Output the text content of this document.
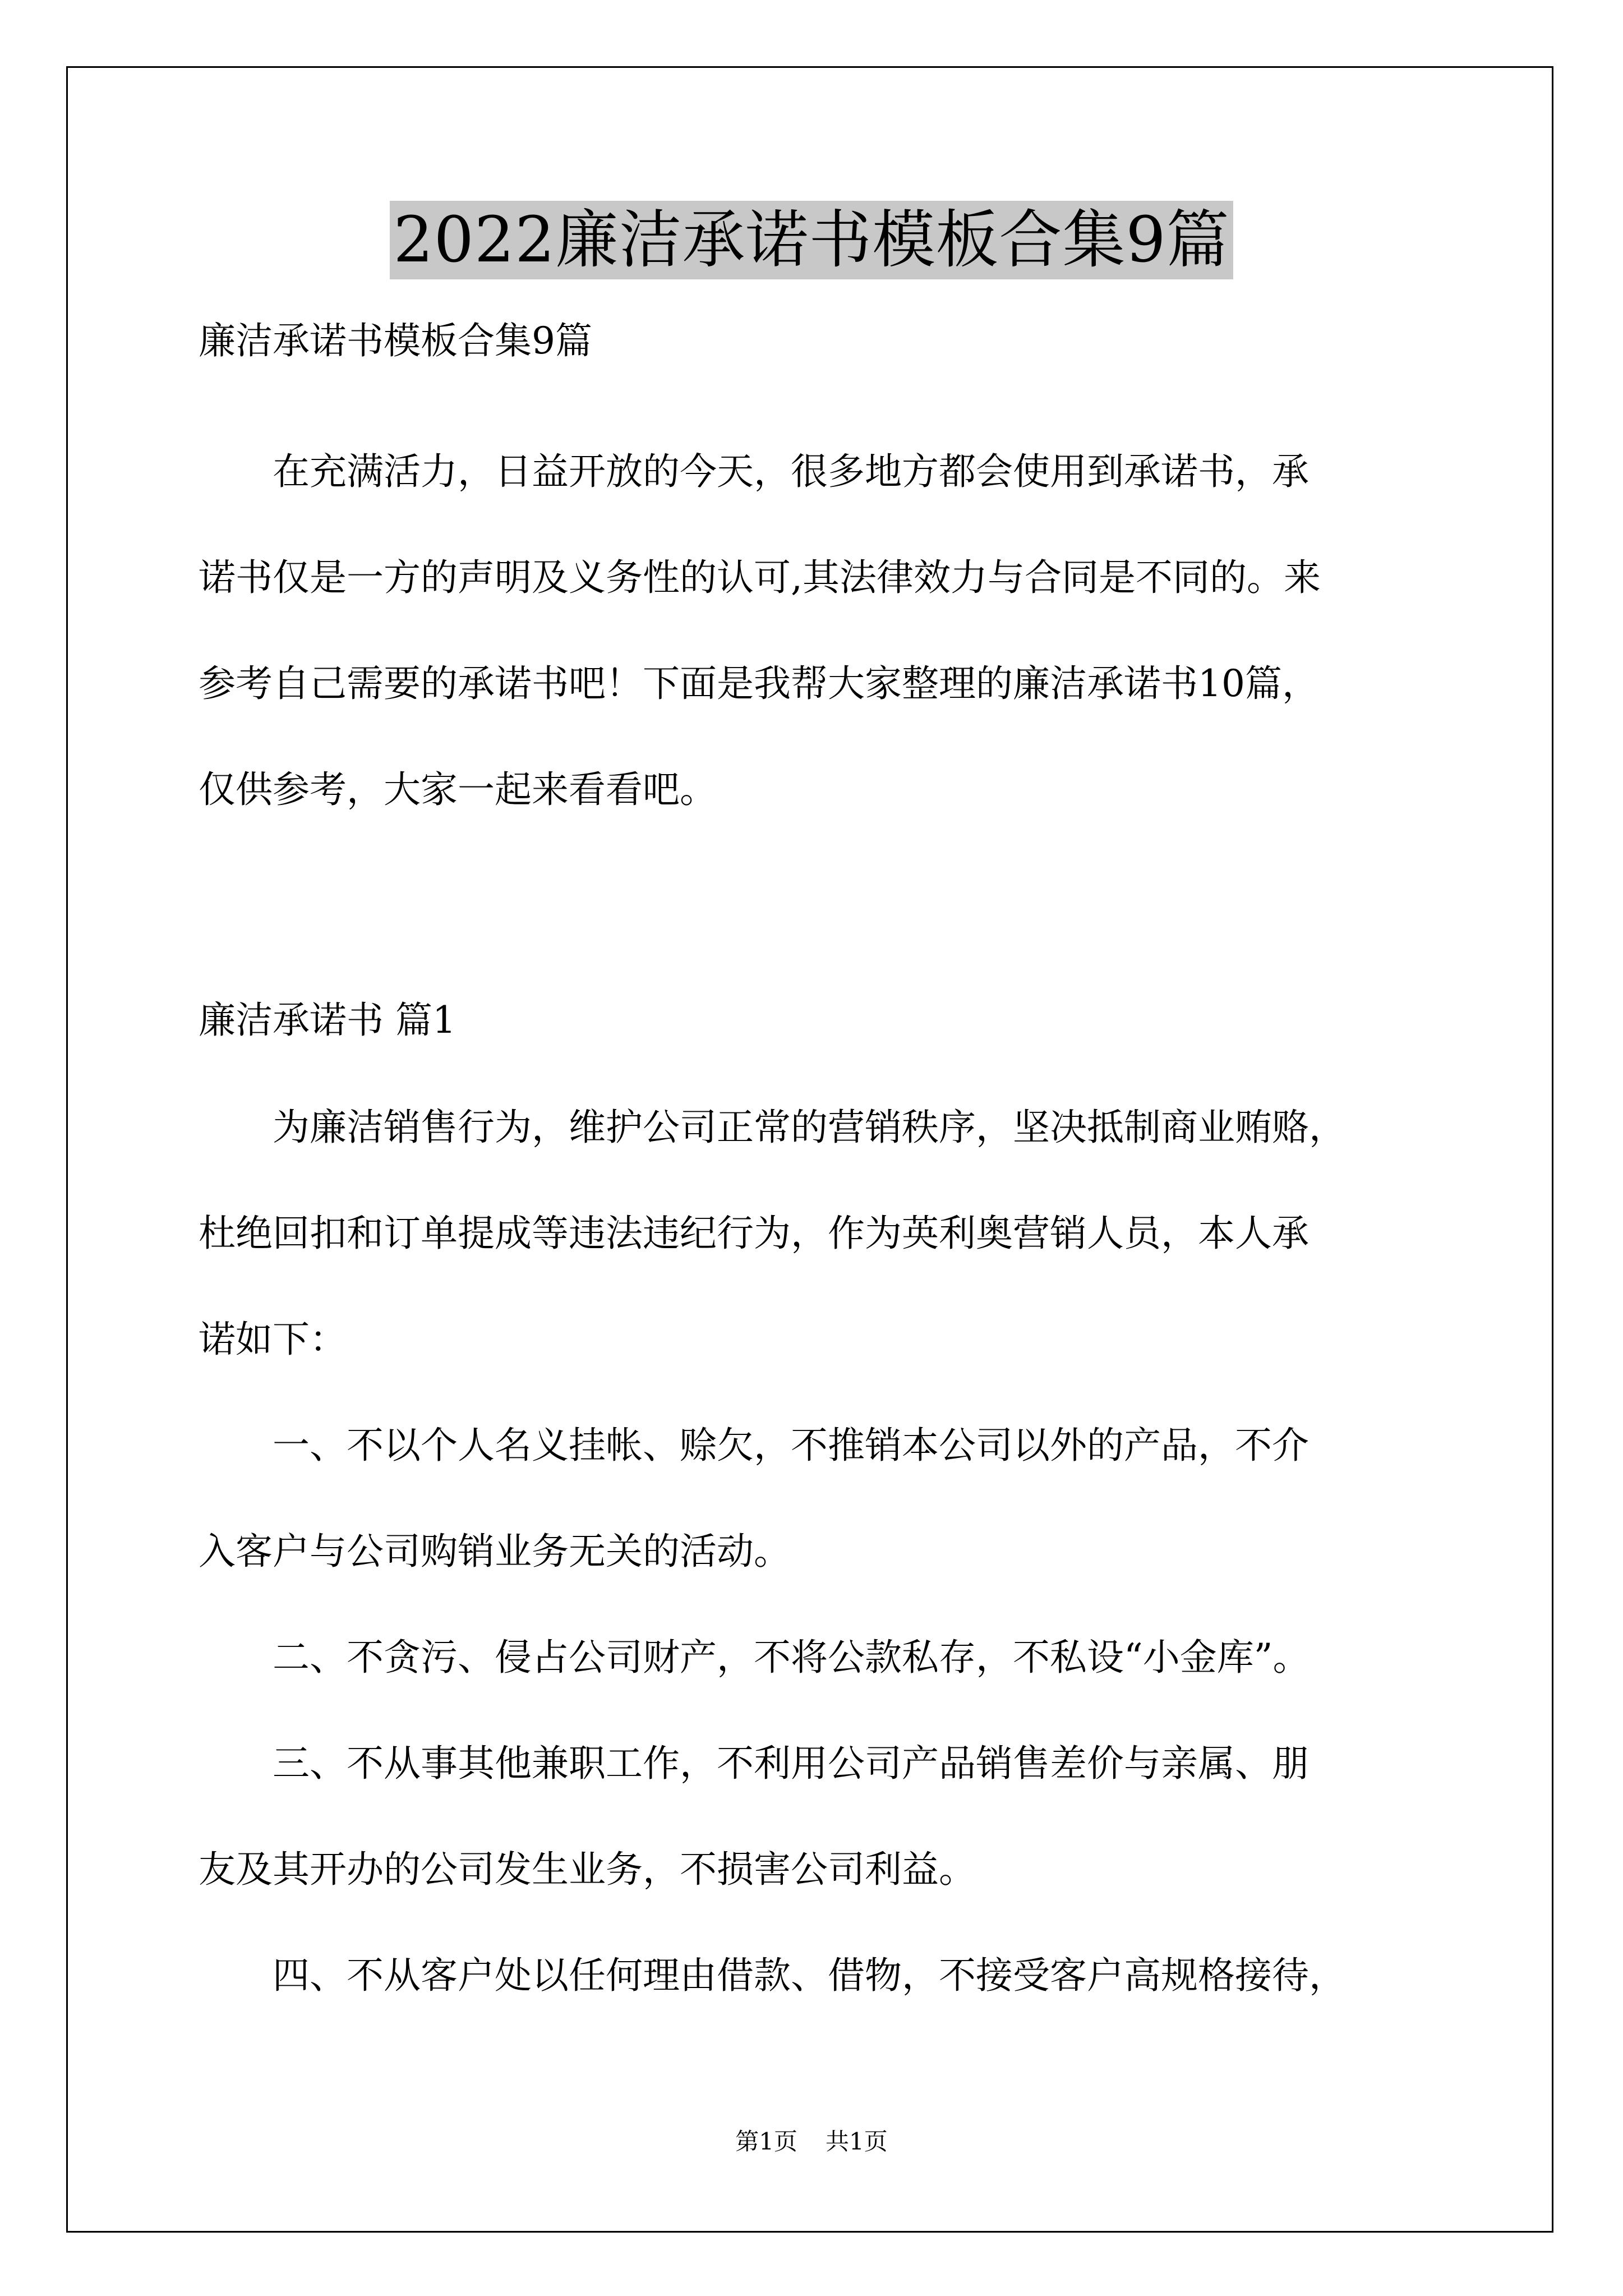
2022廉洁承诺书模板合集9篇
廉洁承诺书模板合集9篇
　　在充满活力，日益开放的今天，很多地方都会使用到承诺书，承
诺书仅是一方的声明及义务性的认可,其法律效力与合同是不同的。来
参考自己需要的承诺书吧！下面是我帮大家整理的廉洁承诺书10篇，
仅供参考，大家一起来看看吧。
廉洁承诺书 篇1
　　为廉洁销售行为，维护公司正常的营销秩序，坚决抵制商业贿赂，
杜绝回扣和订单提成等违法违纪行为，作为英利奥营销人员，本人承
诺如下：
　　一、不以个人名义挂帐、赊欠，不推销本公司以外的产品，不介
入客户与公司购销业务无关的活动。
　　二、不贪污、侵占公司财产，不将公款私存，不私设“小金库”。
　　三、不从事其他兼职工作，不利用公司产品销售差价与亲属、朋
友及其开办的公司发生业务，不损害公司利益。
　　四、不从客户处以任何理由借款、借物，不接受客户高规格接待，
第1页 共1页
